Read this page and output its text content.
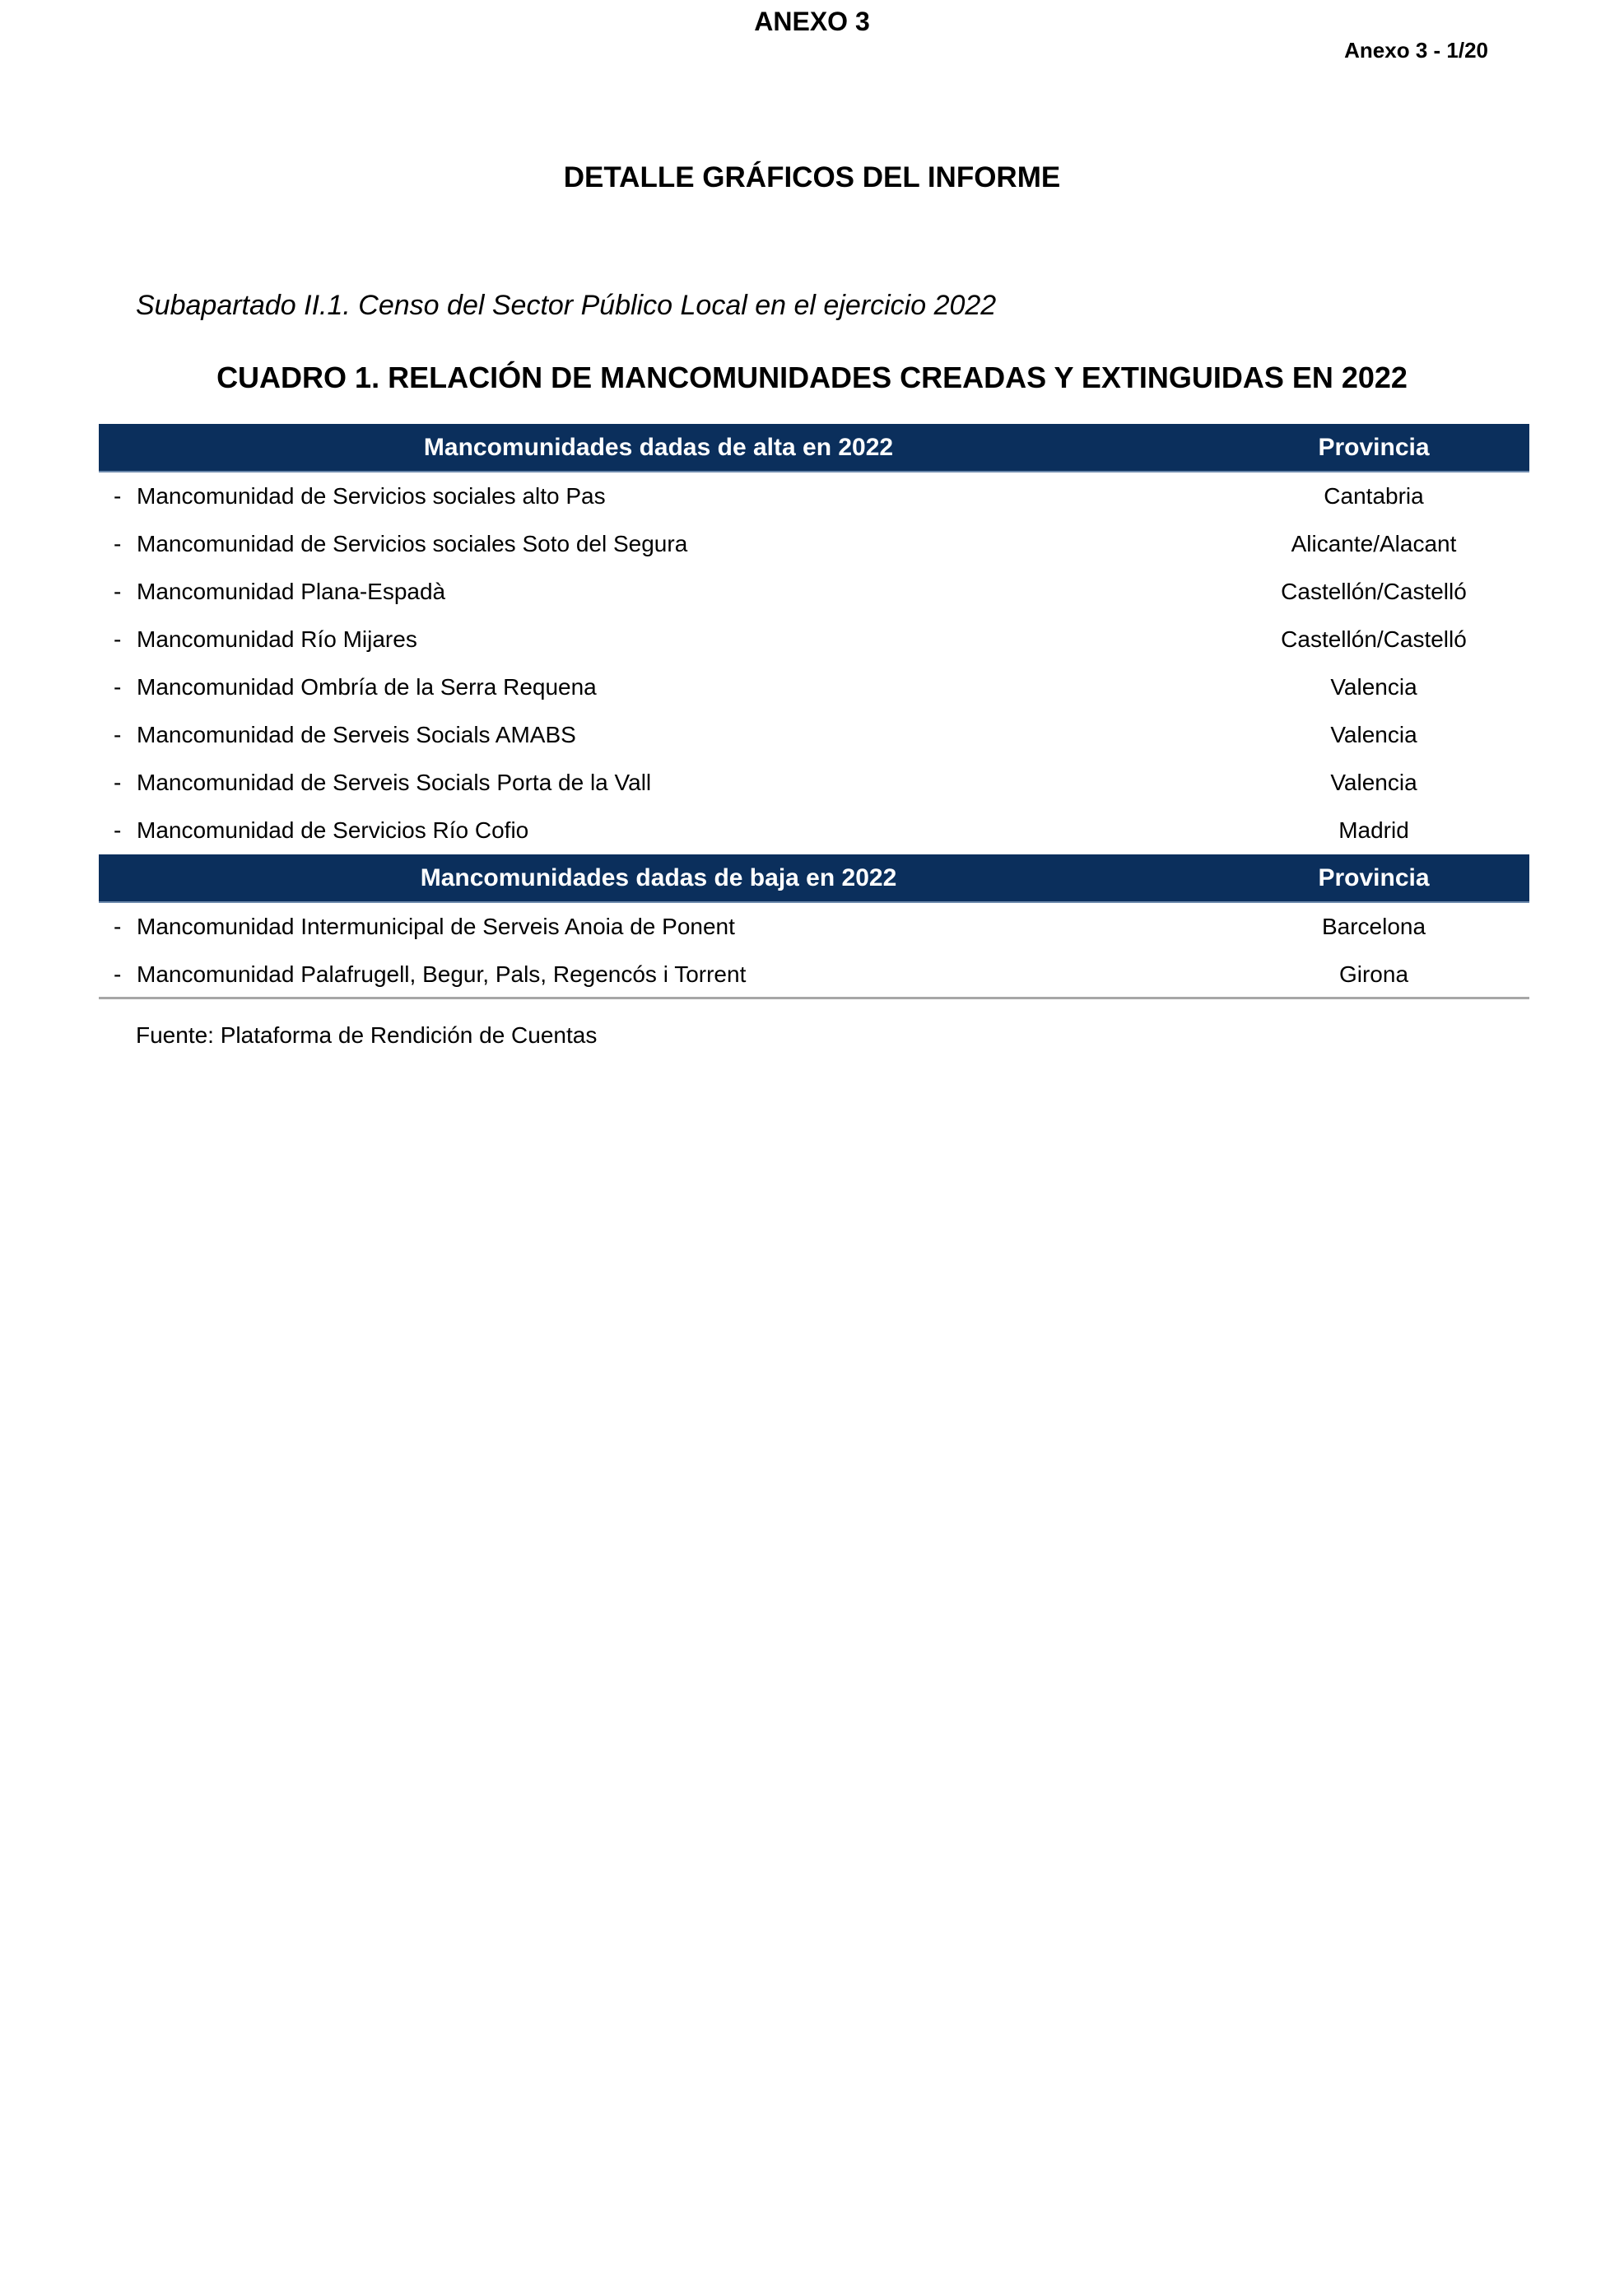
ANEXO 3
Anexo 3 - 1/20
DETALLE GRÁFICOS DEL INFORME
Subapartado II.1. Censo del Sector Público Local en el ejercicio 2022
CUADRO 1. RELACIÓN DE MANCOMUNIDADES CREADAS Y EXTINGUIDAS EN 2022
Mancomunidades dadas de alta en 2022	Provincia
- Mancomunidad de Servicios sociales alto Pas	Cantabria
- Mancomunidad de Servicios sociales Soto del Segura	Alicante/Alacant
- Mancomunidad Plana-Espadà	Castellón/Castelló
- Mancomunidad Río Mijares	Castellón/Castelló
- Mancomunidad Ombría de la Serra Requena	Valencia
- Mancomunidad de Serveis Socials AMABS	Valencia
- Mancomunidad de Serveis Socials Porta de la Vall	Valencia
- Mancomunidad de Servicios Río Cofio	Madrid
Mancomunidades dadas de baja en 2022	Provincia
- Mancomunidad Intermunicipal de Serveis Anoia de Ponent	Barcelona
- Mancomunidad Palafrugell, Begur, Pals, Regencós i Torrent	Girona
Fuente: Plataforma de Rendición de Cuentas
